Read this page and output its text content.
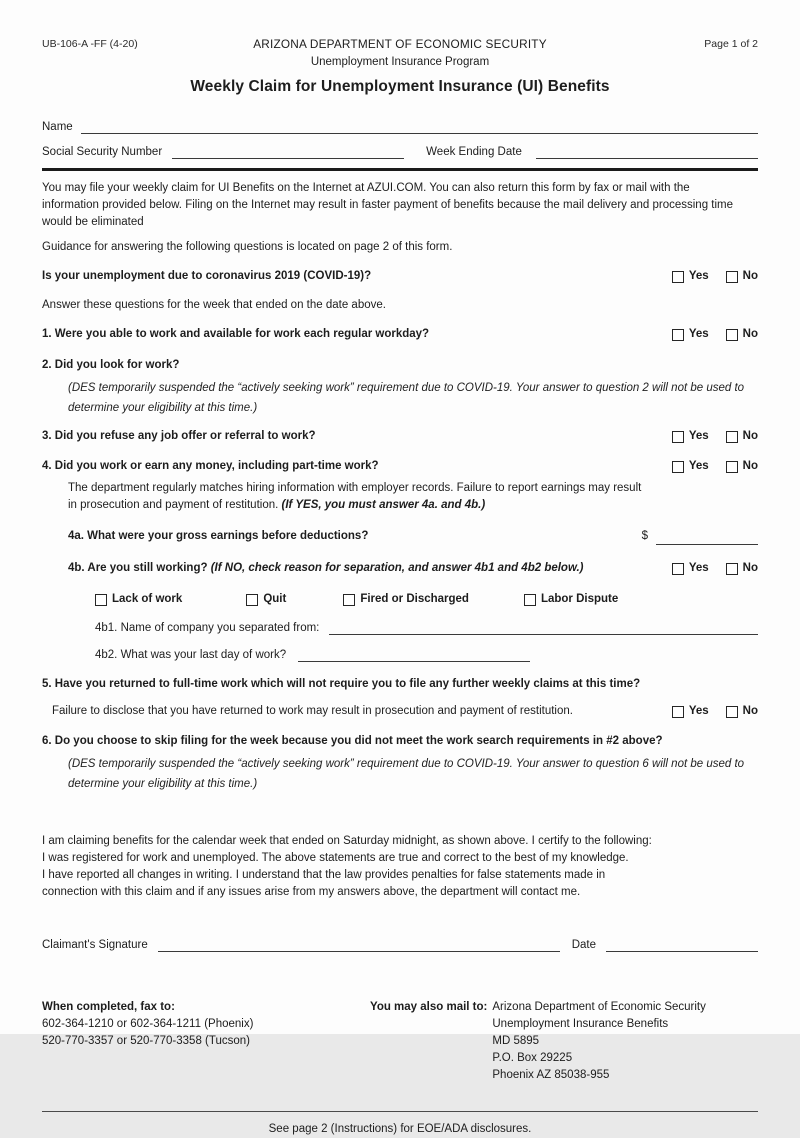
UB-106-A -FF (4-20)	ARIZONA DEPARTMENT OF ECONOMIC SECURITY	Page 1 of 2
Unemployment Insurance Program
Weekly Claim for Unemployment Insurance (UI) Benefits
Name
Social Security Number	Week Ending Date
You may file your weekly claim for UI Benefits on the Internet at AZUI.COM. You can also return this form by fax or mail with the information provided below. Filing on the Internet may result in faster payment of benefits because the mail delivery and processing time would be eliminated
Guidance for answering the following questions is located on page 2 of this form.
Is your unemployment due to coronavirus 2019 (COVID-19)?	Yes	No
Answer these questions for the week that ended on the date above.
1. Were you able to work and available for work each regular workday?	Yes	No
2. Did you look for work?
(DES temporarily suspended the “actively seeking work” requirement due to COVID-19. Your answer to question 2 will not be used to determine your eligibility at this time.)
3. Did you refuse any job offer or referral to work?	Yes	No
4. Did you work or earn any money, including part-time work?	Yes	No
The department regularly matches hiring information with employer records. Failure to report earnings may result in prosecution and payment of restitution. (If YES, you must answer 4a. and 4b.)
4a. What were your gross earnings before deductions?	$
4b. Are you still working? (If NO, check reason for separation, and answer 4b1 and 4b2 below.)	Yes	No
Lack of work	Quit	Fired or Discharged	Labor Dispute
4b1. Name of company you separated from:
4b2. What was your last day of work?
5. Have you returned to full-time work which will not require you to file any further weekly claims at this time?
Failure to disclose that you have returned to work may result in prosecution and payment of restitution.	Yes	No
6. Do you choose to skip filing for the week because you did not meet the work search requirements in #2 above?
(DES temporarily suspended the “actively seeking work” requirement due to COVID-19. Your answer to question 6 will not be used to determine your eligibility at this time.)
I am claiming benefits for the calendar week that ended on Saturday midnight, as shown above. I certify to the following:
I was registered for work and unemployed. The above statements are true and correct to the best of my knowledge.
I have reported all changes in writing. I understand that the law provides penalties for false statements made in
connection with this claim and if any issues arise from my answers above, the department will contact me.
Claimant's Signature	Date
When completed, fax to:
602-364-1210 or 602-364-1211 (Phoenix)
520-770-3357 or 520-770-3358 (Tucson)
You may also mail to: Arizona Department of Economic Security
Unemployment Insurance Benefits
MD 5895
P.O. Box 29225
Phoenix AZ 85038-955
See page 2 (Instructions) for EOE/ADA disclosures.
